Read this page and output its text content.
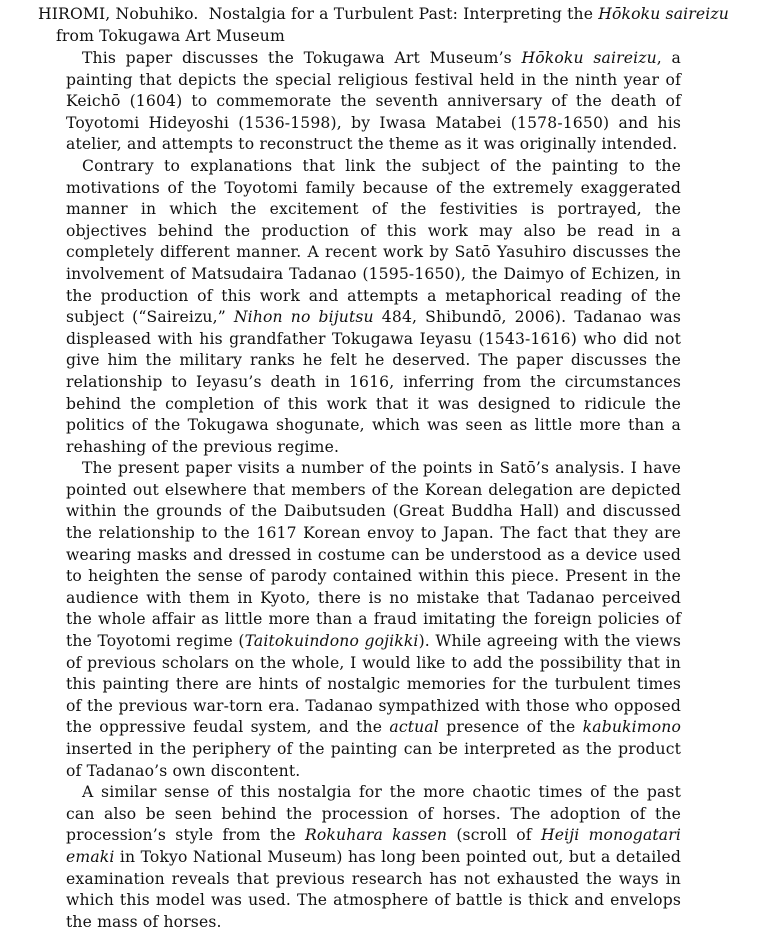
HIROMI, Nobuhiko. Nostalgia for a Turbulent Past: Interpreting the Hōkoku saireizu from Tokugawa Art Museum

This paper discusses the Tokugawa Art Museum’s Hōkoku saireizu, a painting that depicts the special religious festival held in the ninth year of Keichō (1604) to commemorate the seventh anniversary of the death of Toyotomi Hideyoshi (1536-1598), by Iwasa Matabei (1578-1650) and his atelier, and attempts to reconstruct the theme as it was originally intended.

Contrary to explanations that link the subject of the painting to the motivations of the Toyotomi family because of the extremely exaggerated manner in which the excitement of the festivities is portrayed, the objectives behind the production of this work may also be read in a completely different manner. A recent work by Satō Yasuhiro discusses the involvement of Matsudaira Tadanao (1595-1650), the Daimyo of Echizen, in the production of this work and attempts a metaphorical reading of the subject (“Saireizu,” Nihon no bijutsu 484, Shibundō, 2006). Tadanao was displeased with his grandfather Tokugawa Ieyasu (1543-1616) who did not give him the military ranks he felt he deserved. The paper discusses the relationship to Ieyasu’s death in 1616, inferring from the circumstances behind the completion of this work that it was designed to ridicule the politics of the Tokugawa shogunate, which was seen as little more than a rehashing of the previous regime.

The present paper visits a number of the points in Satō’s analysis. I have pointed out elsewhere that members of the Korean delegation are depicted within the grounds of the Daibutsuden (Great Buddha Hall) and discussed the relationship to the 1617 Korean envoy to Japan. The fact that they are wearing masks and dressed in costume can be understood as a device used to heighten the sense of parody contained within this piece. Present in the audience with them in Kyoto, there is no mistake that Tadanao perceived the whole affair as little more than a fraud imitating the foreign policies of the Toyotomi regime (Taitokuindono gojikki). While agreeing with the views of previous scholars on the whole, I would like to add the possibility that in this painting there are hints of nostalgic memories for the turbulent times of the previous war-torn era. Tadanao sympathized with those who opposed the oppressive feudal system, and the actual presence of the kabukimono inserted in the periphery of the painting can be interpreted as the product of Tadanao’s own discontent.

A similar sense of this nostalgia for the more chaotic times of the past can also be seen behind the procession of horses. The adoption of the procession’s style from the Rokuhara kassen (scroll of Heiji monogatari emaki in Tokyo National Museum) has long been pointed out, but a detailed examination reveals that previous research has not exhausted the ways in which this model was used. The atmosphere of battle is thick and envelops the mass of horses.
